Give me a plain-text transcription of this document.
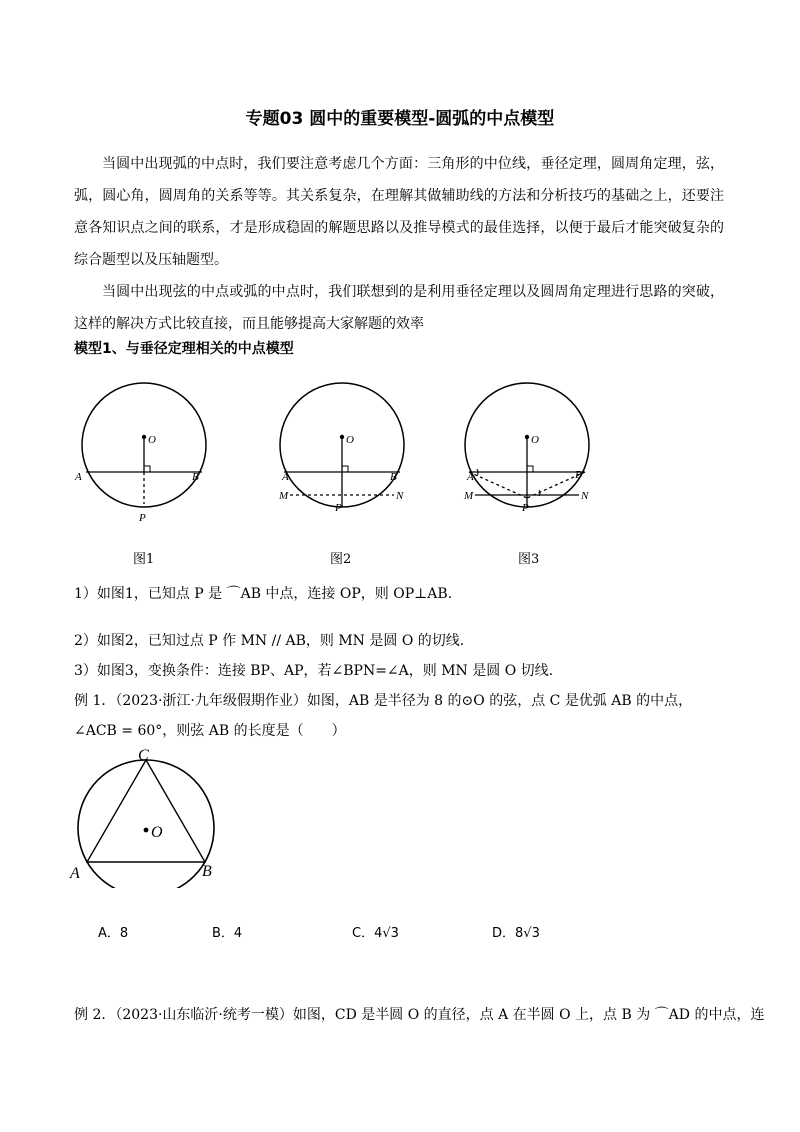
专题03 圆中的重要模型-圆弧的中点模型
当圆中出现弧的中点时，我们要注意考虑几个方面：三角形的中位线，垂径定理，圆周角定理，弦，弧，圆心角，圆周角的关系等等。其关系复杂，在理解其做辅助线的方法和分析技巧的基础之上，还要注意各知识点之间的联系，才是形成稳固的解题思路以及推导模式的最佳选择，以便于最后才能突破复杂的综合题型以及压轴题型。
当圆中出现弦的中点或弧的中点时，我们联想到的是利用垂径定理以及圆周角定理进行思路的突破，这样的解决方式比较直接，而且能够提高大家解题的效率
模型1、与垂径定理相关的中点模型
O
A	B
P
O
A	B
M	N
P
O
A	B
M	N
P
图1	图2	图3
1）如图1，已知点 P 是 ⌒AB 中点，连接 OP，则 OP⊥AB.
2）如图2，已知过点 P 作 MN // AB，则 MN 是圆 O 的切线.
3）如图3，变换条件：连接 BP、AP，若∠BPN=∠A，则 MN 是圆 O 切线.
例 1．（2023·浙江·九年级假期作业）如图，AB 是半径为 8 的⊙O 的弦，点 C 是优弧 AB 的中点，
∠ACB = 60°，则弦 AB 的长度是（　　）
O
C
A	B
A．8	B．4	C．4√3	D．8√3
例 2．（2023·山东临沂·统考一模）如图，CD 是半圆 O 的直径，点 A 在半圆 O 上，点 B 为 ⌒AD 的中点，连
